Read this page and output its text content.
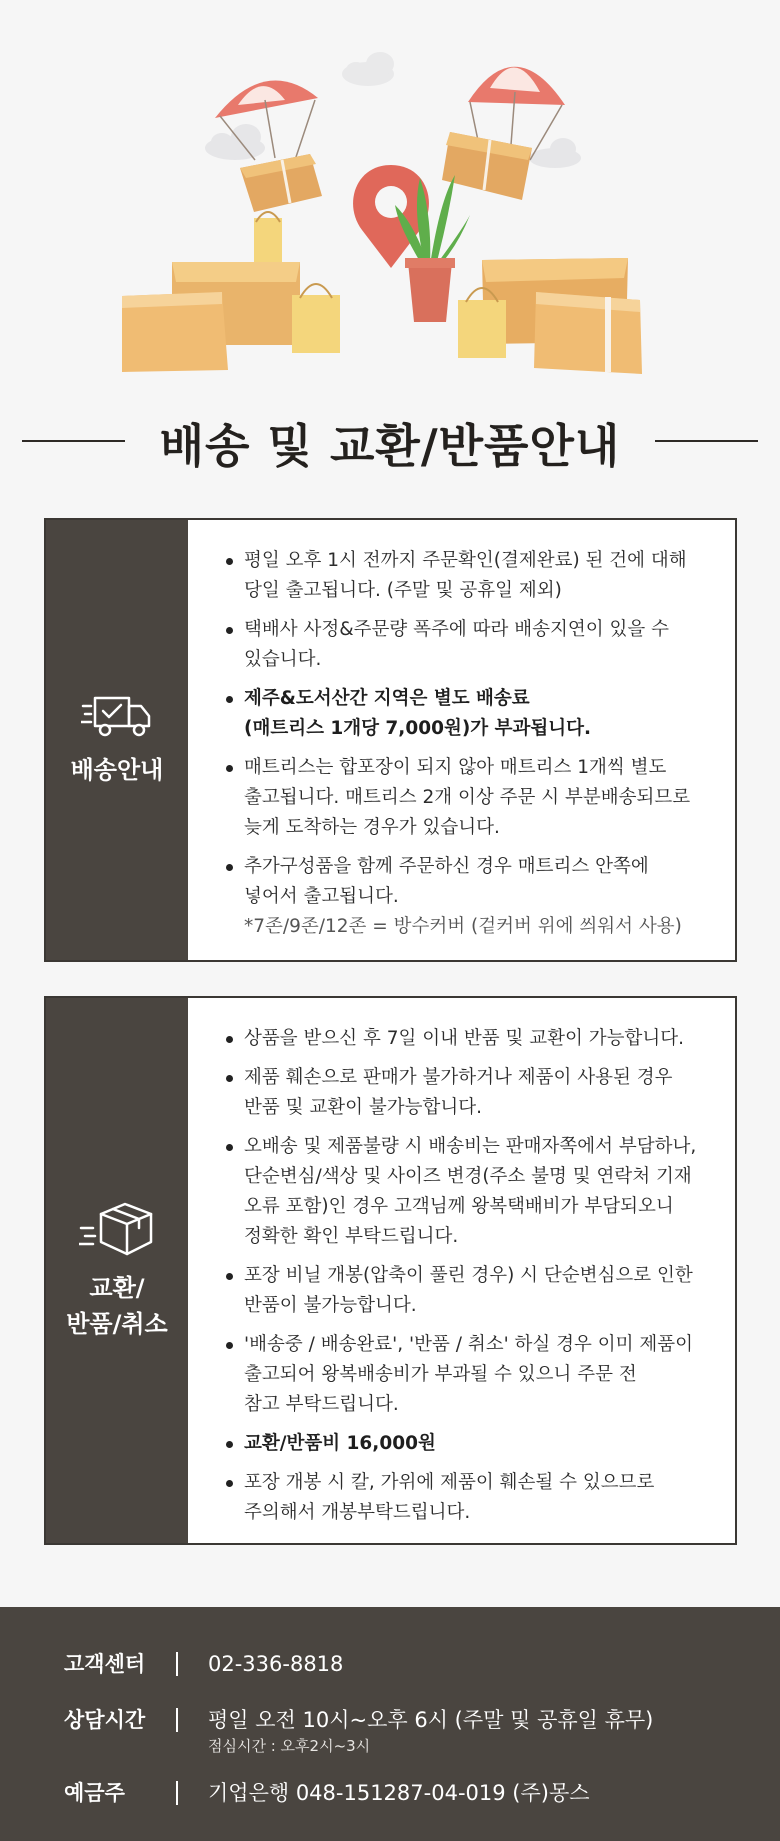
배송 및 교환/반품안내
배송안내
평일 오후 1시 전까지 주문확인(결제완료) 된 건에 대해
당일 출고됩니다. (주말 및 공휴일 제외)
택배사 사정&주문량 폭주에 따라 배송지연이 있을 수
있습니다.
제주&도서산간 지역은 별도 배송료
(매트리스 1개당 7,000원)가 부과됩니다.
매트리스는 합포장이 되지 않아 매트리스 1개씩 별도
출고됩니다. 매트리스 2개 이상 주문 시 부분배송되므로
늦게 도착하는 경우가 있습니다.
추가구성품을 함께 주문하신 경우 매트리스 안쪽에
넣어서 출고됩니다.
*7존/9존/12존 = 방수커버 (겉커버 위에 씌워서 사용)
교환/
반품/취소
상품을 받으신 후 7일 이내 반품 및 교환이 가능합니다.
제품 훼손으로 판매가 불가하거나 제품이 사용된 경우
반품 및 교환이 불가능합니다.
오배송 및 제품불량 시 배송비는 판매자쪽에서 부담하나,
단순변심/색상 및 사이즈 변경(주소 불명 및 연락처 기재
오류 포함)인 경우 고객님께 왕복택배비가 부담되오니
정확한 확인 부탁드립니다.
포장 비닐 개봉(압축이 풀린 경우) 시 단순변심으로 인한
반품이 불가능합니다.
'배송중 / 배송완료', '반품 / 취소' 하실 경우 이미 제품이
출고되어 왕복배송비가 부과될 수 있으니 주문 전
참고 부탁드립니다.
교환/반품비 16,000원
포장 개봉 시 칼, 가위에 제품이 훼손될 수 있으므로
주의해서 개봉부탁드립니다.
고객센터	02-336-8818
상담시간	평일 오전 10시~오후 6시 (주말 및 공휴일 휴무)
점심시간 : 오후2시~3시
예금주	기업은행 048-151287-04-019 (주)몽스
